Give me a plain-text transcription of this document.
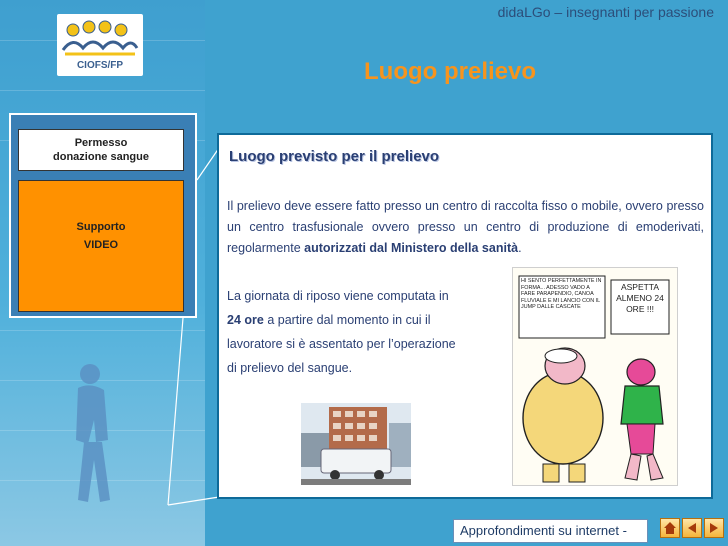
CIOFS/FP
Permesso
donazione sangue
Supporto
VIDEO
didaLGo – insegnanti per passione
Luogo prelievo
Luogo previsto per il prelievo
Il prelievo deve essere fatto presso un centro di raccolta fisso o mobile, ovvero presso un centro trasfusionale ovvero presso un centro di produzione di emoderivati, regolarmente autorizzati dal Ministero della sanità.
La giornata di riposo viene computata in
24 ore a partire dal momento in cui il
lavoratore si è assentato per l’operazione
di prelievo del sangue.
HI SENTO PERFETTAMENTE IN FORMA... ADESSO VADO A FARE PARAPENDIO, CANOA FLUVIALE E MI LANCIO CON IL JUMP DALLE CASCATE
ASPETTA ALMENO 24 ORE !!!
Approfondimenti su internet -
